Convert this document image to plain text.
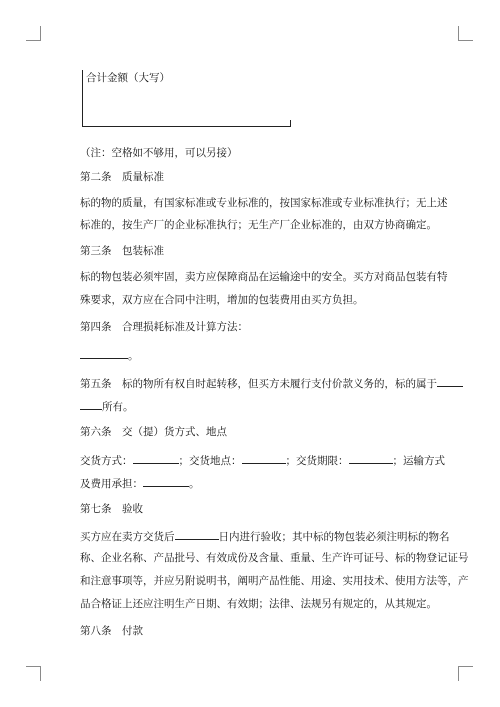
合计金额（大写）
（注：空格如不够用，可以另接）
第二条　质量标准
标的物的质量，有国家标准或专业标准的，按国家标准或专业标准执行；无上述
标准的，按生产厂的企业标准执行；无生产厂企业标准的，由双方协商确定。
第三条　包装标准
标的物包装必须牢固，卖方应保障商品在运输途中的安全。买方对商品包装有特
殊要求，双方应在合同中注明，增加的包装费用由买方负担。
第四条　合理损耗标准及计算方法：
。
第五条　标的物所有权自时起转移，但买方未履行支付价款义务的，标的属于
所有。
第六条　交（提）货方式、地点
交货方式：	；交货地点：	；交货期限：	；运输方式
及费用承担：	。
第七条　验收
买方应在卖方交货后	日内进行验收；其中标的物包装必须注明标的物名
称、企业名称、产品批号、有效成份及含量、重量、生产许可证号、标的物登记证号
和注意事项等，并应另附说明书，阐明产品性能、用途、实用技术、使用方法等，产
品合格证上还应注明生产日期、有效期；法律、法规另有规定的，从其规定。
第八条　付款
